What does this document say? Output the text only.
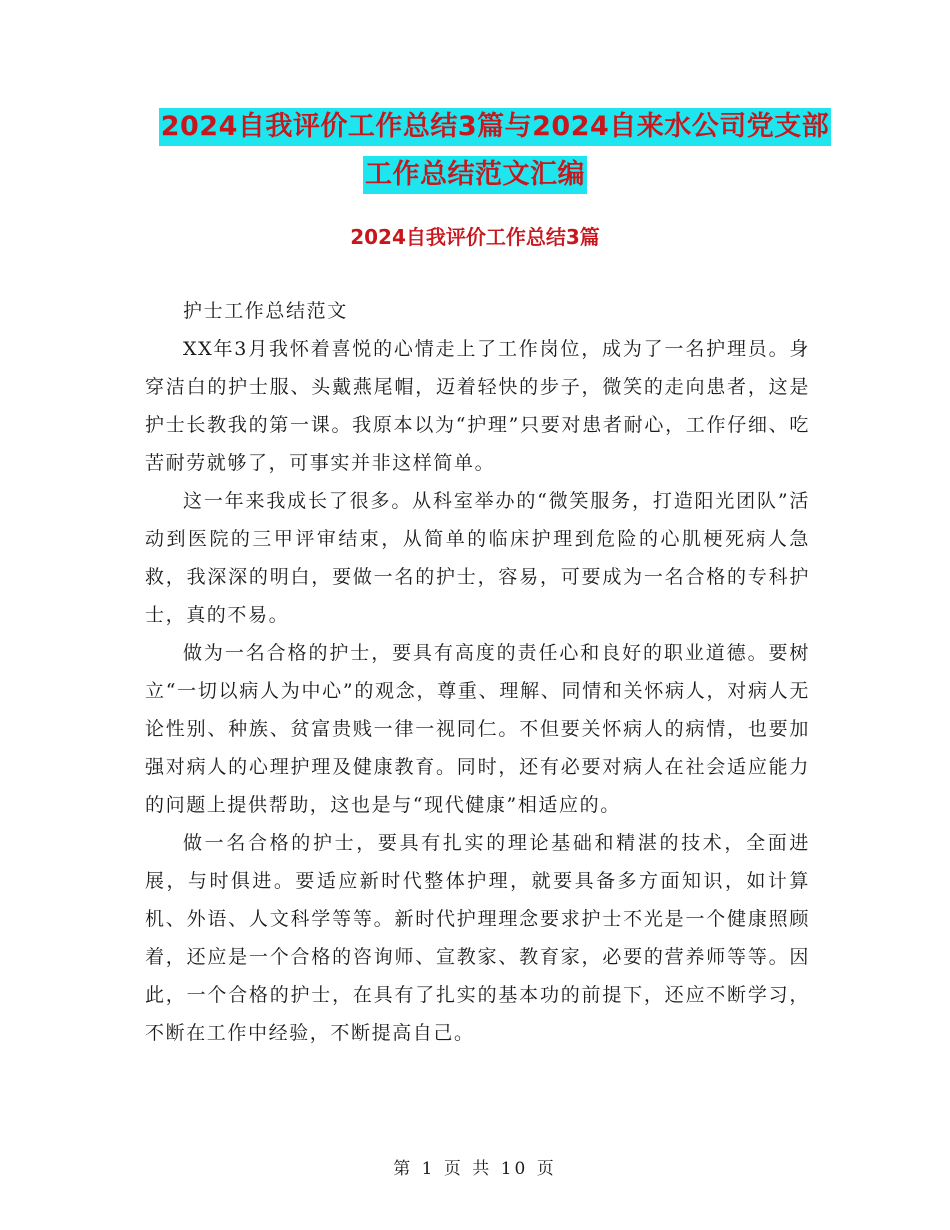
2024自我评价工作总结3篇与2024自来水公司党支部
工作总结范文汇编
2024自我评价工作总结3篇

护士工作总结范文

XX年3月我怀着喜悦的心情走上了工作岗位，成为了一名护理员。身穿洁白的护士服、头戴燕尾帽，迈着轻快的步子，微笑的走向患者，这是护士长教我的第一课。我原本以为“护理”只要对患者耐心，工作仔细、吃苦耐劳就够了，可事实并非这样简单。

这一年来我成长了很多。从科室举办的“微笑服务，打造阳光团队”活动到医院的三甲评审结束，从简单的临床护理到危险的心肌梗死病人急救，我深深的明白，要做一名的护士，容易，可要成为一名合格的专科护士，真的不易。

做为一名合格的护士，要具有高度的责任心和良好的职业道德。要树立“一切以病人为中心”的观念，尊重、理解、同情和关怀病人，对病人无论性别、种族、贫富贵贱一律一视同仁。不但要关怀病人的病情，也要加强对病人的心理护理及健康教育。同时，还有必要对病人在社会适应能力的问题上提供帮助，这也是与“现代健康”相适应的。

做一名合格的护士，要具有扎实的理论基础和精湛的技术，全面进展，与时俱进。要适应新时代整体护理，就要具备多方面知识，如计算机、外语、人文科学等等。新时代护理理念要求护士不光是一个健康照顾着，还应是一个合格的咨询师、宣教家、教育家，必要的营养师等等。因此，一个合格的护士，在具有了扎实的基本功的前提下，还应不断学习，不断在工作中经验，不断提高自己。

第 1 页 共 10 页
